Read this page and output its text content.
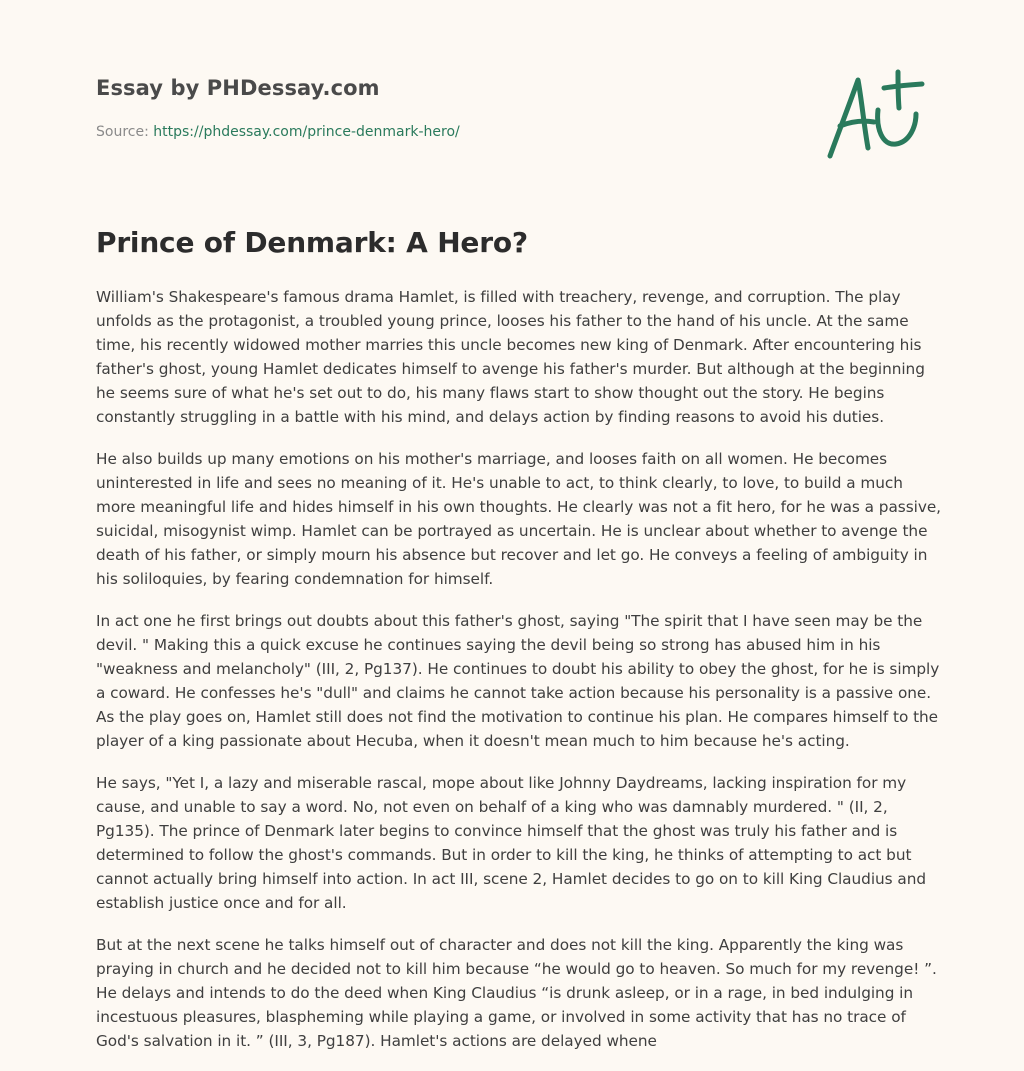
Essay by PHDessay.com
Source: https://phdessay.com/prince-denmark-hero/
Prince of Denmark: A Hero?

William's Shakespeare's famous drama Hamlet, is filled with treachery, revenge, and corruption. The play unfolds as the protagonist, a troubled young prince, looses his father to the hand of his uncle. At the same time, his recently widowed mother marries this uncle becomes new king of Denmark. After encountering his father's ghost, young Hamlet dedicates himself to avenge his father's murder. But although at the beginning he seems sure of what he's set out to do, his many flaws start to show thought out the story. He begins constantly struggling in a battle with his mind, and delays action by finding reasons to avoid his duties.

He also builds up many emotions on his mother's marriage, and looses faith on all women. He becomes uninterested in life and sees no meaning of it. He's unable to act, to think clearly, to love, to build a much more meaningful life and hides himself in his own thoughts. He clearly was not a fit hero, for he was a passive, suicidal, misogynist wimp. Hamlet can be portrayed as uncertain. He is unclear about whether to avenge the death of his father, or simply mourn his absence but recover and let go. He conveys a feeling of ambiguity in his soliloquies, by fearing condemnation for himself.

In act one he first brings out doubts about this father's ghost, saying "The spirit that I have seen may be the devil. " Making this a quick excuse he continues saying the devil being so strong has abused him in his "weakness and melancholy" (III, 2, Pg137). He continues to doubt his ability to obey the ghost, for he is simply a coward. He confesses he's "dull" and claims he cannot take action because his personality is a passive one. As the play goes on, Hamlet still does not find the motivation to continue his plan. He compares himself to the player of a king passionate about Hecuba, when it doesn't mean much to him because he's acting.

He says, "Yet I, a lazy and miserable rascal, mope about like Johnny Daydreams, lacking inspiration for my cause, and unable to say a word. No, not even on behalf of a king who was damnably murdered. " (II, 2, Pg135). The prince of Denmark later begins to convince himself that the ghost was truly his father and is determined to follow the ghost's commands. But in order to kill the king, he thinks of attempting to act but cannot actually bring himself into action. In act III, scene 2, Hamlet decides to go on to kill King Claudius and establish justice once and for all.

But at the next scene he talks himself out of character and does not kill the king. Apparently the king was praying in church and he decided not to kill him because “he would go to heaven. So much for my revenge! ”. He delays and intends to do the deed when King Claudius “is drunk asleep, or in a rage, in bed indulging in incestuous pleasures, blaspheming while playing a game, or involved in some activity that has no trace of God's salvation in it. ” (III, 3, Pg187). Hamlet's actions are delayed whene
